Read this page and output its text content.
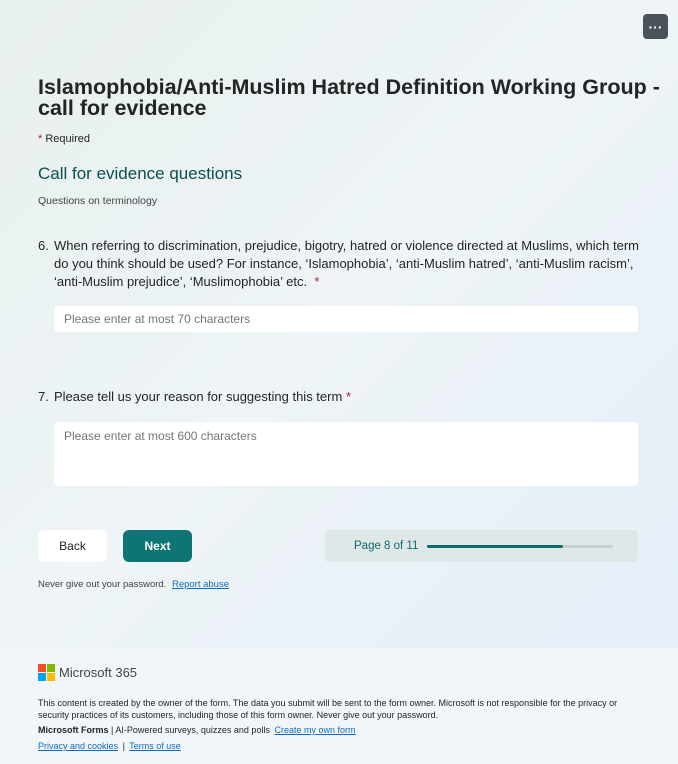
···
Islamophobia/Anti-Muslim Hatred Definition Working Group - call for evidence
* Required
Call for evidence questions
Questions on terminology
6. When referring to discrimination, prejudice, bigotry, hatred or violence directed at Muslims, which term do you think should be used? For instance, ‘Islamophobia’, ‘anti-Muslim hatred’, ‘anti-Muslim racism’, ‘anti-Muslim prejudice’, ‘Muslimophobia’ etc. *
Please enter at most 70 characters
7. Please tell us your reason for suggesting this term *
Please enter at most 600 characters
Back	Next	Page 8 of 11
Never give out your password. Report abuse
Microsoft 365
This content is created by the owner of the form. The data you submit will be sent to the form owner. Microsoft is not responsible for the privacy or security practices of its customers, including those of this form owner. Never give out your password.
Microsoft Forms | AI-Powered surveys, quizzes and polls Create my own form
Privacy and cookies | Terms of use
